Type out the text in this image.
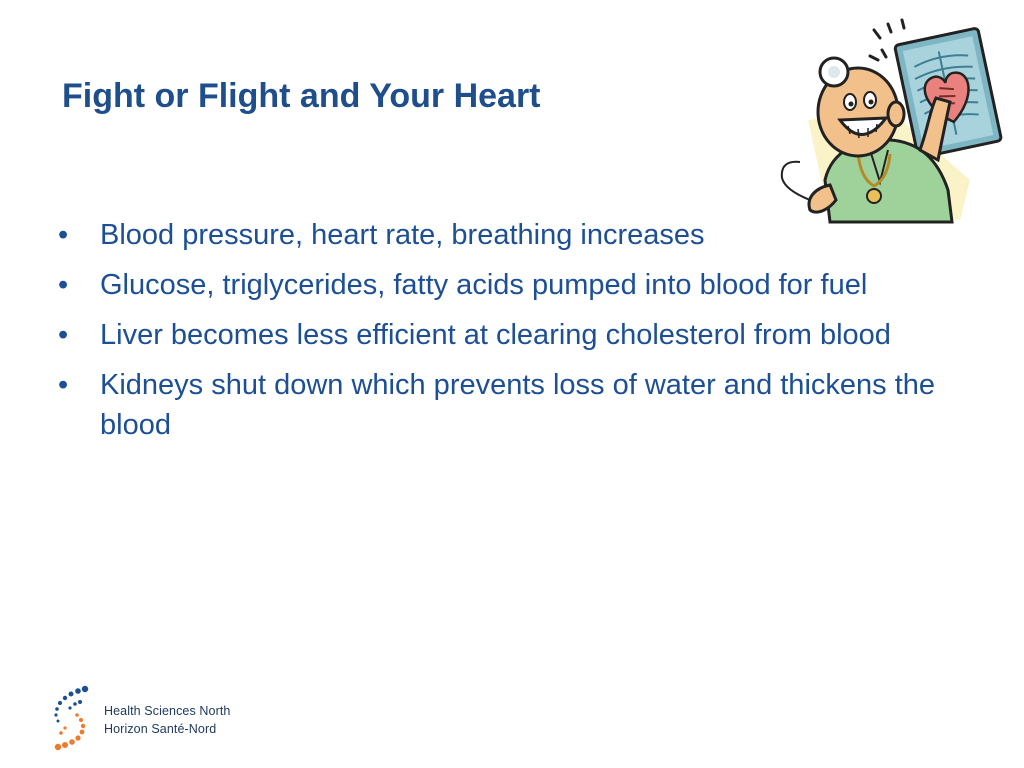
Fight or Flight and Your Heart
• Blood pressure, heart rate, breathing increases
• Glucose, triglycerides, fatty acids pumped into blood for fuel
• Liver becomes less efficient at clearing cholesterol from blood
• Kidneys shut down which prevents loss of water and thickens the blood
Health Sciences North
Horizon Santé-Nord
